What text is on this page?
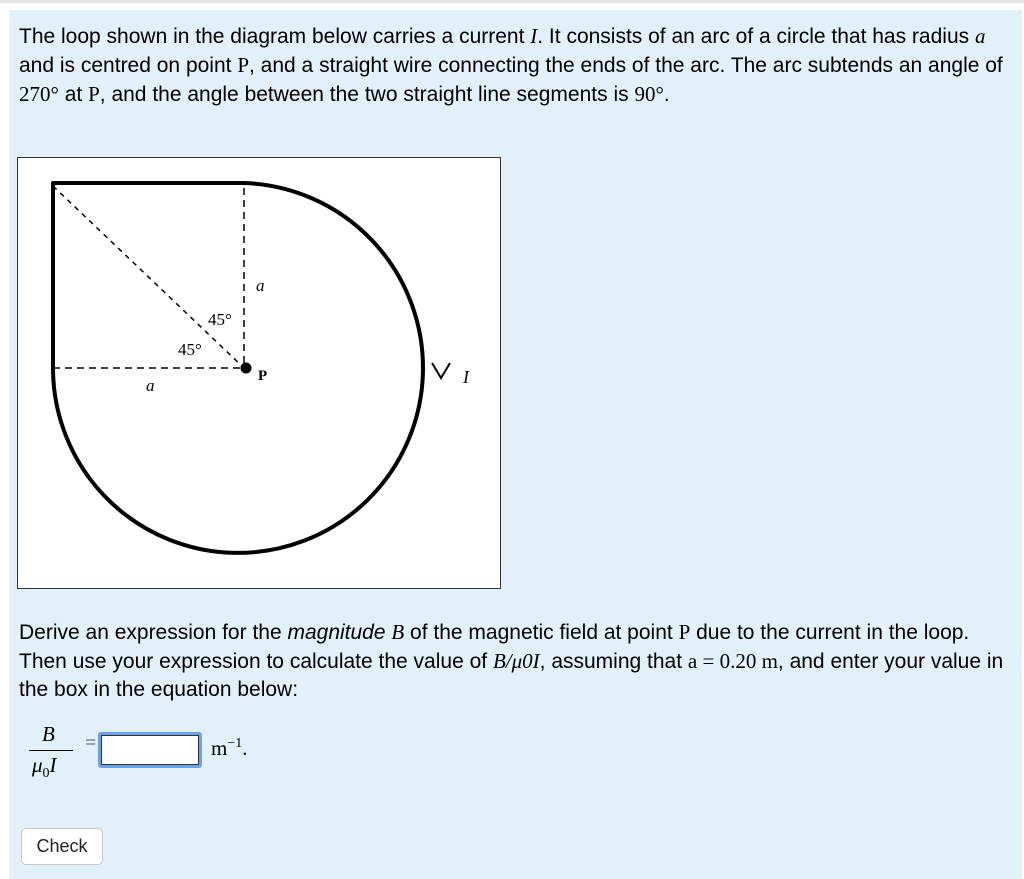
The loop shown in the diagram below carries a current I. It consists of an arc of a circle that has radius a and is centred on point P, and a straight wire connecting the ends of the arc. The arc subtends an angle of 270° at P, and the angle between the two straight line segments is 90°.
a
a
45°
45°
P	I
Derive an expression for the magnitude B of the magnetic field at point P due to the current in the loop. Then use your expression to calculate the value of B/μ0I, assuming that a = 0.20 m, and enter your value in the box in the equation below:
B
$\mu_0I$
=	$m^{-1}$.
Check
